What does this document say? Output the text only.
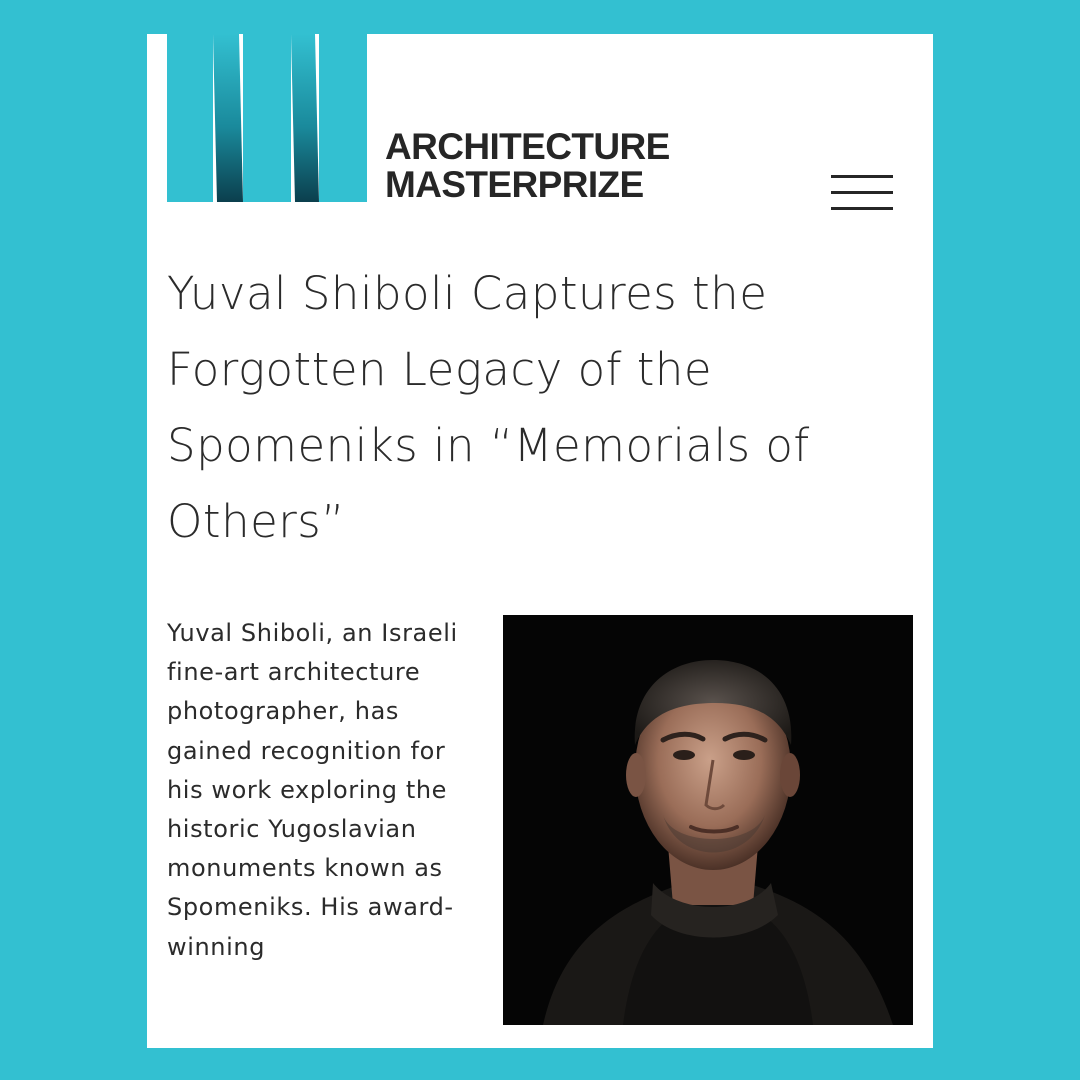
ARCHITECTURE
MASTERPRIZE
Yuval Shiboli Captures the Forgotten Legacy of the Spomeniks in “Memorials of Others”

Yuval Shiboli, an Israeli fine-art architecture photographer, has gained recognition for his work exploring the historic Yugoslavian monuments known as Spomeniks. His award-winning
